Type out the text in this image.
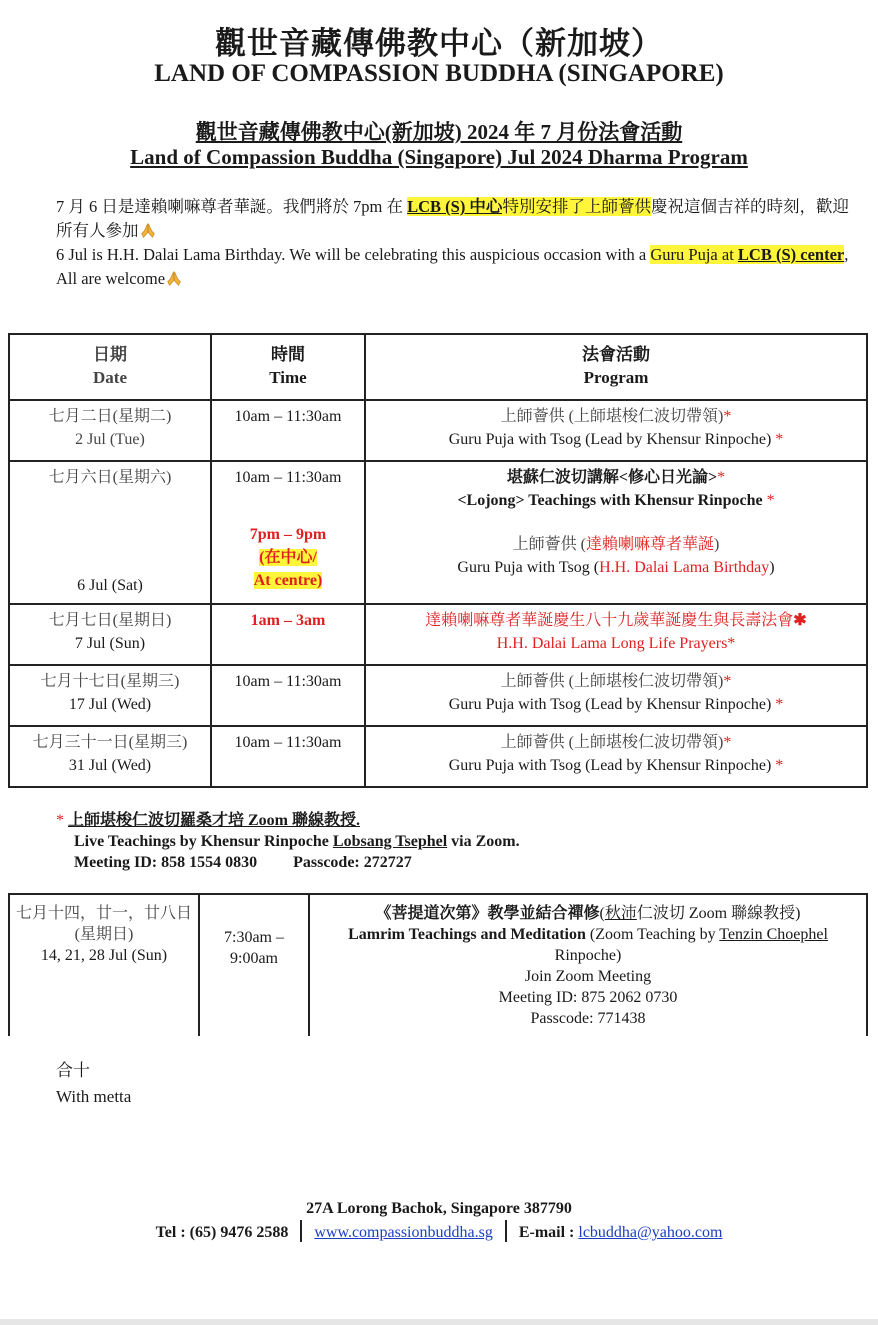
觀世音藏傳佛教中心（新加坡）
LAND OF COMPASSION BUDDHA (SINGAPORE)
觀世音藏傳佛教中心(新加坡) 2024 年 7 月份法會活動
Land of Compassion Buddha (Singapore) Jul 2024 Dharma Program

7 月 6 日是達賴喇嘛尊者華誕。我們將於 7pm 在 LCB (S) 中心特別安排了上師薈供慶祝這個吉祥的時刻，歡迎所有人參加

6 Jul is H.H. Dalai Lama Birthday. We will be celebrating this auspicious occasion with a Guru Puja at LCB (S) center, All are welcome

日期
Date	時間
Time	法會活動
Program
七月二日(星期二)
2 Jul (Tue)	10am – 11:30am	上師薈供 (上師堪梭仁波切帶領)*
Guru Puja with Tsog (Lead by Khensur Rinpoche) *
七月六日(星期六)
6 Jul (Sat)	10am – 11:30am
7pm – 9pm
(在中心/
At centre)	堪蘇仁波切講解<修心日光論>*
<Lojong> Teachings with Khensur Rinpoche *
上師薈供 (達賴喇嘛尊者華誕)
Guru Puja with Tsog (H.H. Dalai Lama Birthday)
七月七日(星期日)
7 Jul (Sun)	1am – 3am	達賴喇嘛尊者華誕慶生八十九歲華誕慶生與長壽法會✱
H.H. Dalai Lama Long Life Prayers*
七月十七日(星期三)
17 Jul (Wed)	10am – 11:30am	上師薈供 (上師堪梭仁波切帶領)*
Guru Puja with Tsog (Lead by Khensur Rinpoche) *
七月三十一日(星期三)
31 Jul (Wed)	10am – 11:30am	上師薈供 (上師堪梭仁波切帶領)*
Guru Puja with Tsog (Lead by Khensur Rinpoche) *
* 上師堪梭仁波切羅桑才培 Zoom 聯線教授.
Live Teachings by Khensur Rinpoche Lobsang Tsephel via Zoom.
Meeting ID: 858 1554 0830 Passcode: 272727
七月十四，廿一，廿八日
(星期日)
14, 21, 28 Jul (Sun)	7:30am –
9:00am	《菩提道次第》教學並結合禪修(秋沛仁波切 Zoom 聯線教授)
Lamrim Teachings and Meditation (Zoom Teaching by Tenzin Choephel Rinpoche)
Join Zoom Meeting
Meeting ID: 875 2062 0730
Passcode: 771438
合十
With metta
27A Lorong Bachok, Singapore 387790
Tel : (65) 9476 2588 www.compassionbuddha.sg E-mail : lcbuddha@yahoo.com
